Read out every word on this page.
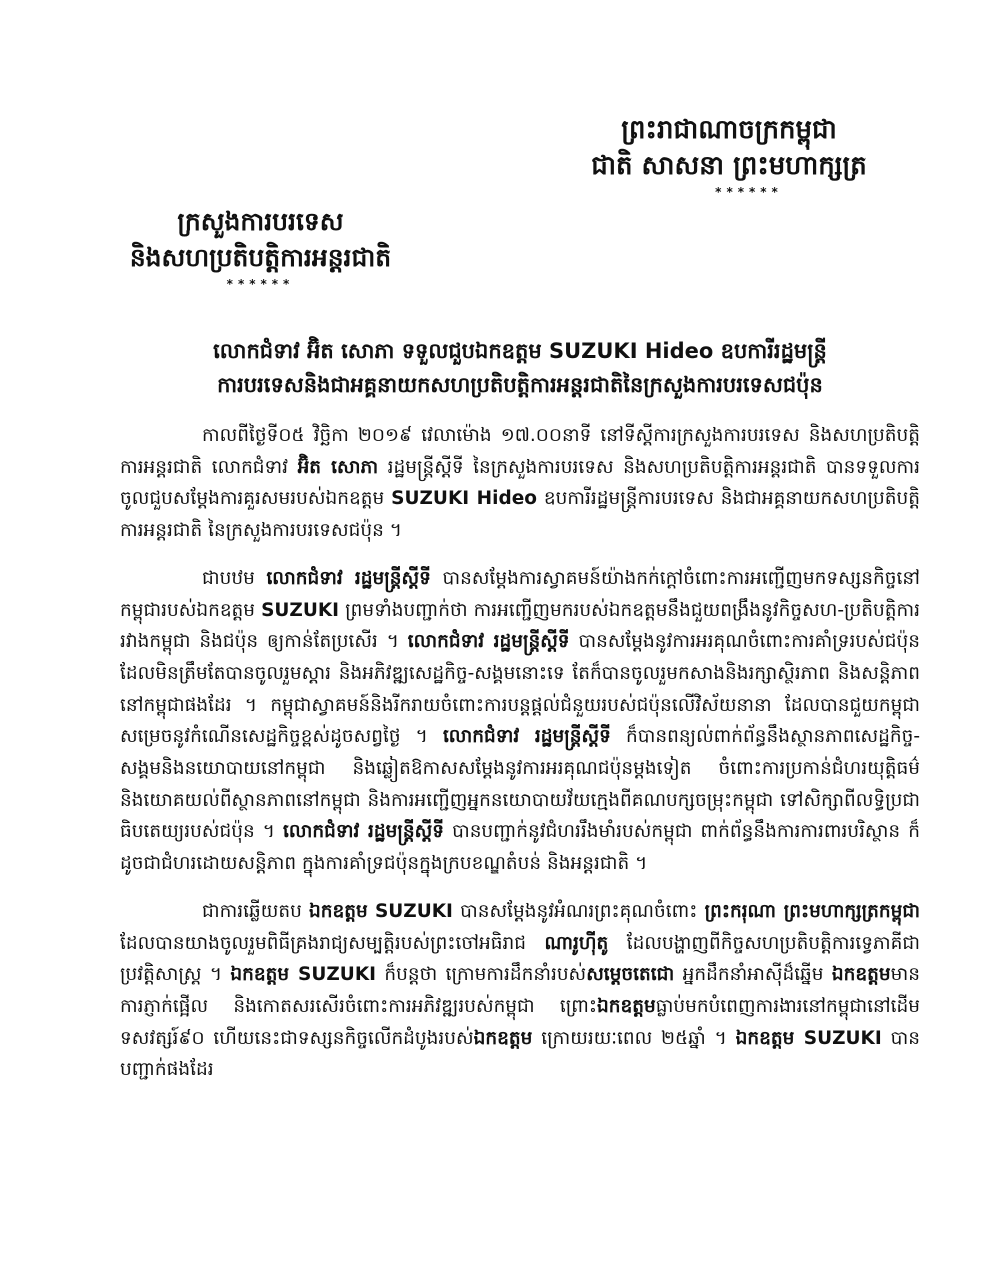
ព្រះរាជាណាចក្រកម្ពុជា
ជាតិ សាសនា ព្រះមហាក្សត្រ
******
ក្រសួងការបរទេស
និងសហប្រតិបត្តិការអន្តរជាតិ
******
លោកជំទាវ អ៊ិត សោភា ទទួលជួបឯកឧត្តម SUZUKI Hideo ឧបការីរដ្ឋមន្ត្រី
ការបរទេសនិងជាអគ្គនាយកសហប្រតិបត្តិការអន្តរជាតិនៃក្រសួងការបរទេសជប៉ុន

កាលពីថ្ងៃទី០៥ វិច្ឆិកា ២០១៩ វេលាម៉ោង ១៧.០០នាទី នៅទីស្តីការក្រសួងការបរទេស និងសហប្រតិបត្តិការអន្តរជាតិ លោកជំទាវ អ៊ិត សោភា រដ្ឋមន្ត្រីស្តីទី នៃក្រសួងការបរទេស និងសហប្រតិបត្តិការអន្តរជាតិ បានទទួលការចូលជួបសម្តែងការគួរសមរបស់ឯកឧត្តម SUZUKI Hideo ឧបការីរដ្ឋមន្ត្រីការបរទេស និងជាអគ្គនាយកសហប្រតិបត្តិការអន្តរជាតិ នៃក្រសួងការបរទេសជប៉ុន ។

ជាបឋម លោកជំទាវ រដ្ឋមន្ត្រីស្តីទី បានសម្តែងការស្វាគមន៍យ៉ាងកក់ក្តៅចំពោះការអញ្ជើញមកទស្សនកិច្ចនៅកម្ពុជារបស់ឯកឧត្តម SUZUKI ព្រមទាំងបញ្ជាក់ថា ការអញ្ជើញមករបស់ឯកឧត្តមនឹងជួយពង្រឹងនូវកិច្ចសហ-ប្រតិបត្តិការរវាងកម្ពុជា និងជប៉ុន ឲ្យកាន់តែប្រសើរ ។ លោកជំទាវ រដ្ឋមន្ត្រីស្តីទី បានសម្តែងនូវការអរគុណចំពោះការគាំទ្ររបស់ជប៉ុន ដែលមិនត្រឹមតែបានចូលរួមស្តារ និងអភិវឌ្ឍសេដ្ឋកិច្ច-សង្គមនោះទេ តែក៏បានចូលរួមកសាងនិងរក្សាស្ថិរភាព និងសន្តិភាព នៅកម្ពុជាផងដែរ ។ កម្ពុជាស្វាគមន៍និងរីករាយចំពោះការបន្តផ្តល់ជំនួយរបស់ជប៉ុនលើវិស័យនានា ដែលបានជួយកម្ពុជាសម្រេចនូវកំណើនសេដ្ឋកិច្ចខ្ពស់ដូចសព្វថ្ងៃ ។ លោកជំទាវ រដ្ឋមន្ត្រីស្តីទី ក៏បានពន្យល់ពាក់ព័ន្ធនឹងស្ថានភាពសេដ្ឋកិច្ច-សង្គមនិងនយោបាយនៅកម្ពុជា និងឆ្លៀតឱកាសសម្តែងនូវការអរគុណជប៉ុនម្តងទៀត ចំពោះការប្រកាន់ជំហរយុត្តិធម៌ និងយោគយល់ពីស្ថានភាពនៅកម្ពុជា និងការអញ្ជើញអ្នកនយោបាយវ័យក្មេងពីគណបក្សចម្រុះកម្ពុជា ទៅសិក្សាពីលទ្ធិប្រជាធិបតេយ្យរបស់ជប៉ុន ។ លោកជំទាវ រដ្ឋមន្ត្រីស្តីទី បានបញ្ជាក់នូវជំហររឹងមាំរបស់កម្ពុជា ពាក់ព័ន្ធនឹងការការពារបរិស្ថាន ក៏ដូចជាជំហរដោយសន្តិភាព ក្នុងការគាំទ្រជប៉ុនក្នុងក្របខណ្ឌតំបន់ និងអន្តរជាតិ ។

ជាការឆ្លើយតប ឯកឧត្តម SUZUKI បានសម្តែងនូវអំណរព្រះគុណចំពោះ ព្រះករុណា ព្រះមហាក្សត្រកម្ពុជា ដែលបានយាងចូលរួមពិធីគ្រងរាជ្យសម្បត្តិរបស់ព្រះចៅអធិរាជ ណារូហ៊ីតូ ដែលបង្ហាញពីកិច្ចសហប្រតិបត្តិការទ្វេភាគីជាប្រវត្តិសាស្ត្រ ។ ឯកឧត្តម SUZUKI ក៏បន្តថា ក្រោមការដឹកនាំរបស់សម្តេចតេជោ អ្នកដឹកនាំអាស៊ីដ៏ឆ្នើម ឯកឧត្តមមានការភ្ញាក់ផ្អើល និងកោតសរសើរចំពោះការអភិវឌ្ឍរបស់កម្ពុជា ព្រោះឯកឧត្តមធ្លាប់មកបំពេញការងារនៅកម្ពុជានៅដើមទសវត្សរ៍៩០ ហើយនេះជាទស្សនកិច្ចលើកដំបូងរបស់ឯកឧត្តម ក្រោយរយៈពេល ២៥ឆ្នាំ ។ ឯកឧត្តម SUZUKI បានបញ្ជាក់ផងដែរ
